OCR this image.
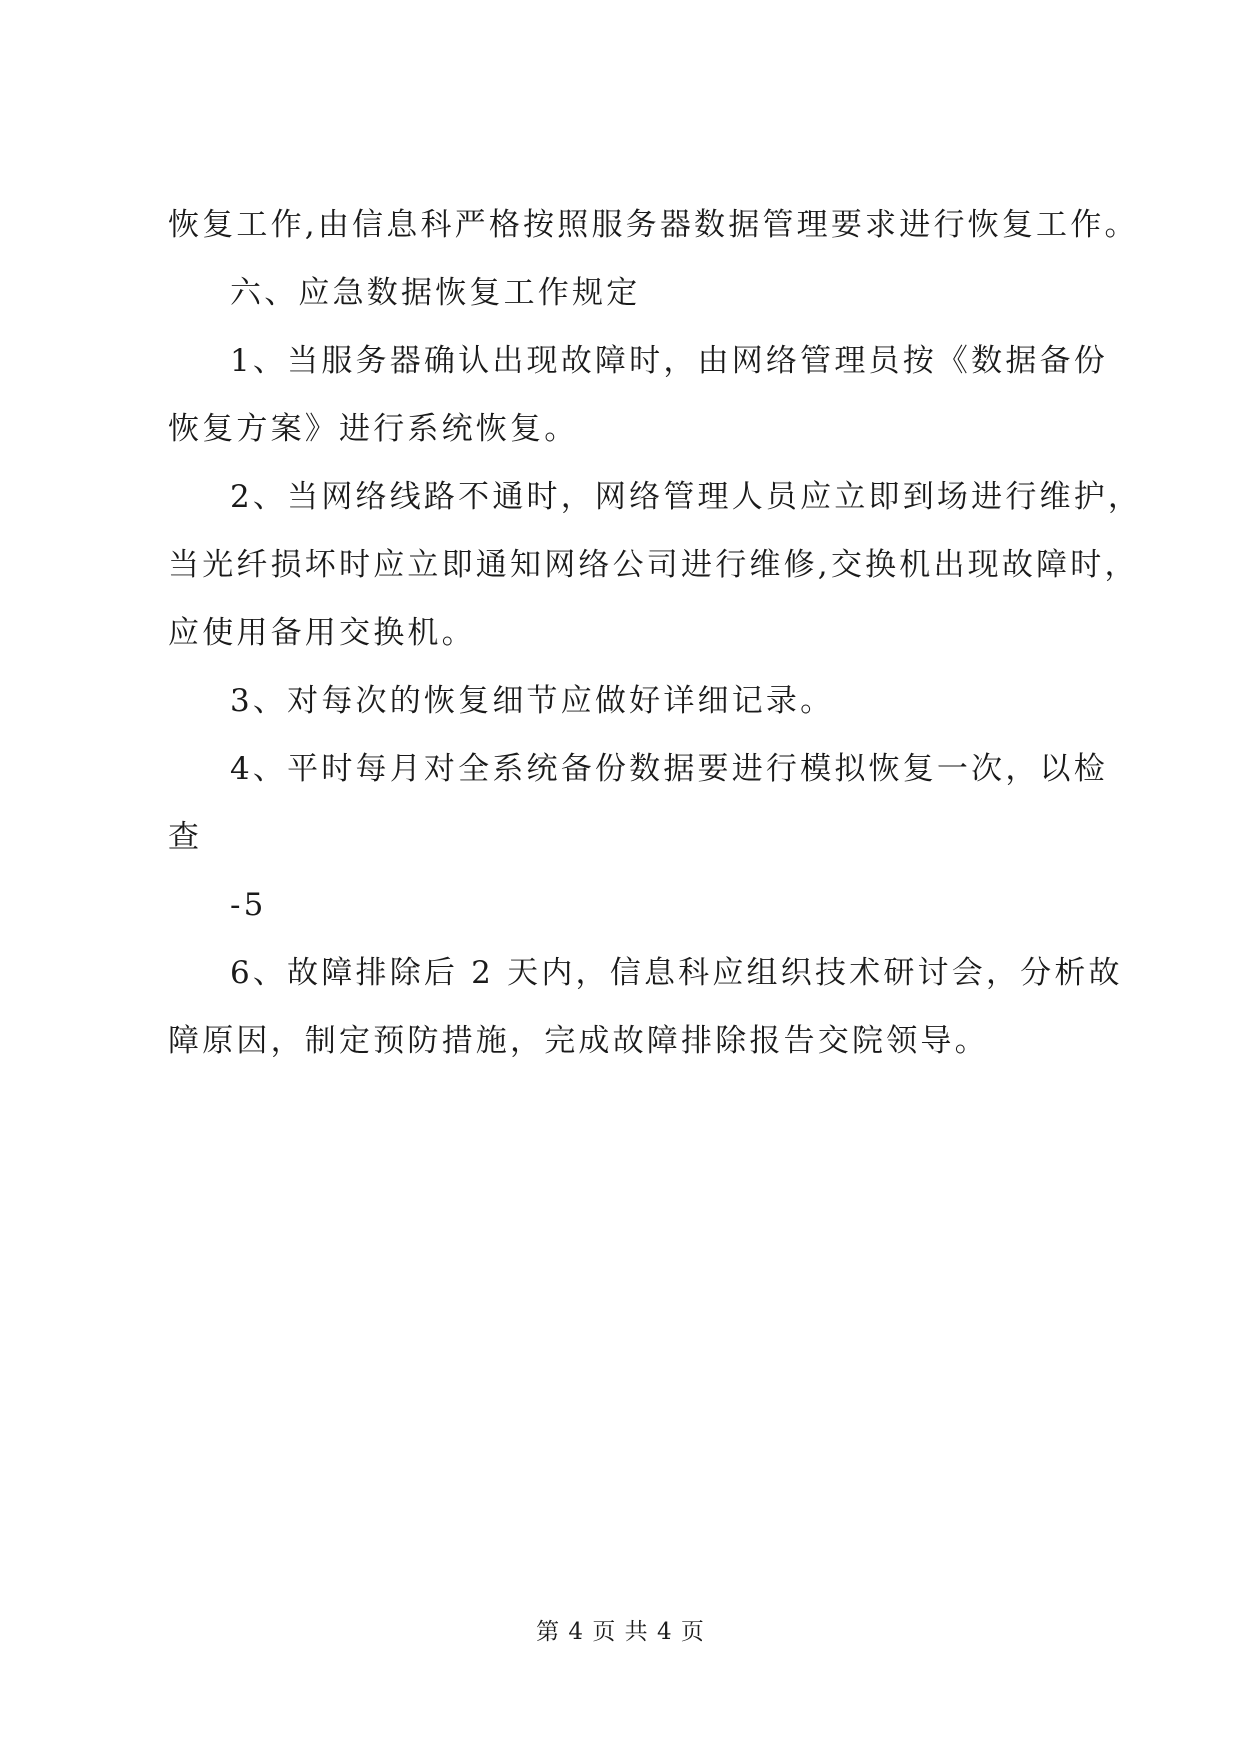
恢复工作,由信息科严格按照服务器数据管理要求进行恢复工作。
六、应急数据恢复工作规定
1、当服务器确认出现故障时，由网络管理员按《数据备份
恢复方案》进行系统恢复。
2、当网络线路不通时，网络管理人员应立即到场进行维护，
当光纤损坏时应立即通知网络公司进行维修,交换机出现故障时，
应使用备用交换机。
3、对每次的恢复细节应做好详细记录。
4、平时每月对全系统备份数据要进行模拟恢复一次，以检
查
-5
6、故障排除后 2 天内，信息科应组织技术研讨会，分析故
障原因，制定预防措施，完成故障排除报告交院领导。
第 4 页 共 4 页
